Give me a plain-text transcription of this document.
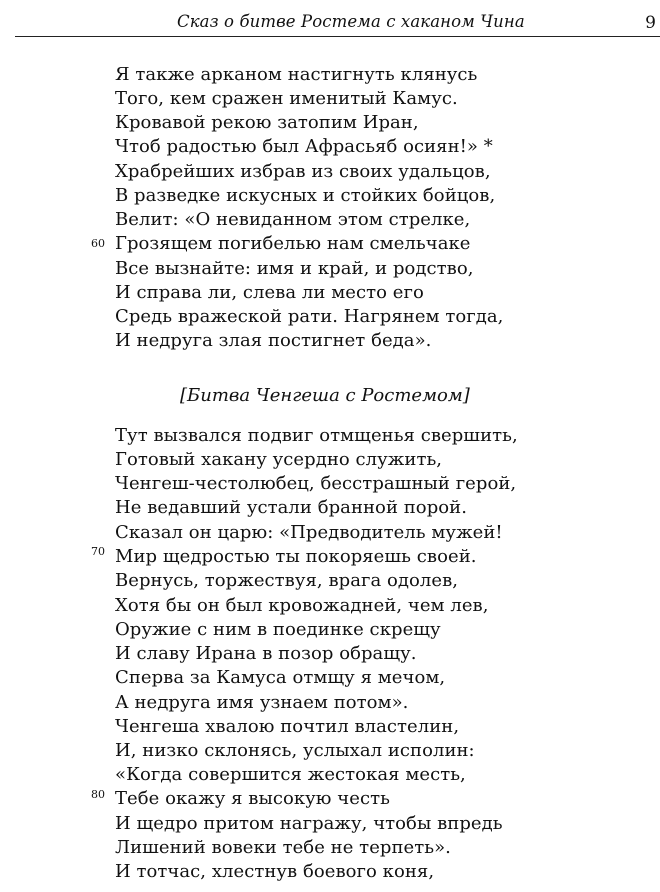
Сказ о битве Ростема с хаканом Чина	9
Я также арканом настигнуть клянусь
Того, кем сражен именитый Камус.
Кровавой рекою затопим Иран,
Чтоб радостью был Афрасьяб осиян!» *
Храбрейших избрав из своих удальцов,
В разведке искусных и стойких бойцов,
Велит: «О невиданном этом стрелке,
60 Грозящем погибелью нам смельчаке
Все вызнайте: имя и край, и родство,
И справа ли, слева ли место его
Средь вражеской рати. Нагрянем тогда,
И недруга злая постигнет беда».
[Битва Ченгеша с Ростемом]
Тут вызвался подвиг отмщенья свершить,
Готовый хакану усердно служить,
Ченгеш-честолюбец, бесстрашный герой,
Не ведавший устали бранной порой.
Сказал он царю: «Предводитель мужей!
70 Мир щедростью ты покоряешь своей.
Вернусь, торжествуя, врага одолев,
Хотя бы он был кровожадней, чем лев,
Оружие с ним в поединке скрещу
И славу Ирана в позор обращу.
Сперва за Камуса отмщу я мечом,
А недруга имя узнаем потом».
Ченгеша хвалою почтил властелин,
И, низко склонясь, услыхал исполин:
«Когда совершится жестокая месть,
80 Тебе окажу я высокую честь
И щедро притом награжу, чтобы впредь
Лишений вовеки тебе не терпеть».
И тотчас, хлестнув боевого коня,
